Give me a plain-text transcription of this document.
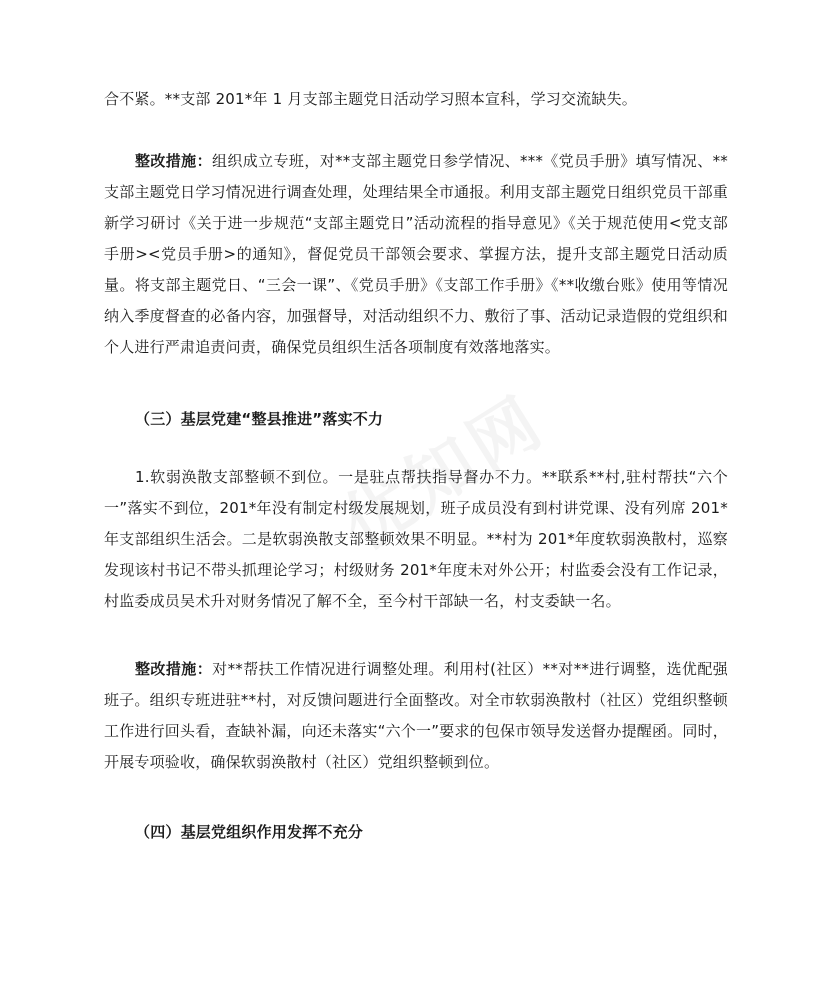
合不紧。**支部 201*年 1 月支部主题党日活动学习照本宣科，学习交流缺失。

整改措施：组织成立专班，对**支部主题党日参学情况、***《党员手册》填写情况、**支部主题党日学习情况进行调查处理，处理结果全市通报。利用支部主题党日组织党员干部重新学习研讨《关于进一步规范“支部主题党日”活动流程的指导意见》《关于规范使用<党支部手册><党员手册>的通知》，督促党员干部领会要求、掌握方法，提升支部主题党日活动质量。将支部主题党日、“三会一课”、《党员手册》《支部工作手册》《**收缴台账》使用等情况纳入季度督查的必备内容，加强督导，对活动组织不力、敷衍了事、活动记录造假的党组织和个人进行严肃追责问责，确保党员组织生活各项制度有效落地落实。

（三）基层党建“整县推进”落实不力

1.软弱涣散支部整顿不到位。一是驻点帮扶指导督办不力。**联系**村,驻村帮扶“六个一”落实不到位，201*年没有制定村级发展规划，班子成员没有到村讲党课、没有列席 201*年支部组织生活会。二是软弱涣散支部整顿效果不明显。**村为 201*年度软弱涣散村，巡察发现该村书记不带头抓理论学习；村级财务 201*年度未对外公开；村监委会没有工作记录，村监委成员吴术升对财务情况了解不全，至今村干部缺一名，村支委缺一名。

整改措施：对**帮扶工作情况进行调整处理。利用村(社区）**对**进行调整，选优配强班子。组织专班进驻**村，对反馈问题进行全面整改。对全市软弱涣散村（社区）党组织整顿工作进行回头看，查缺补漏，向还未落实“六个一”要求的包保市领导发送督办提醒函。同时，开展专项验收，确保软弱涣散村（社区）党组织整顿到位。

（四）基层党组织作用发挥不充分
